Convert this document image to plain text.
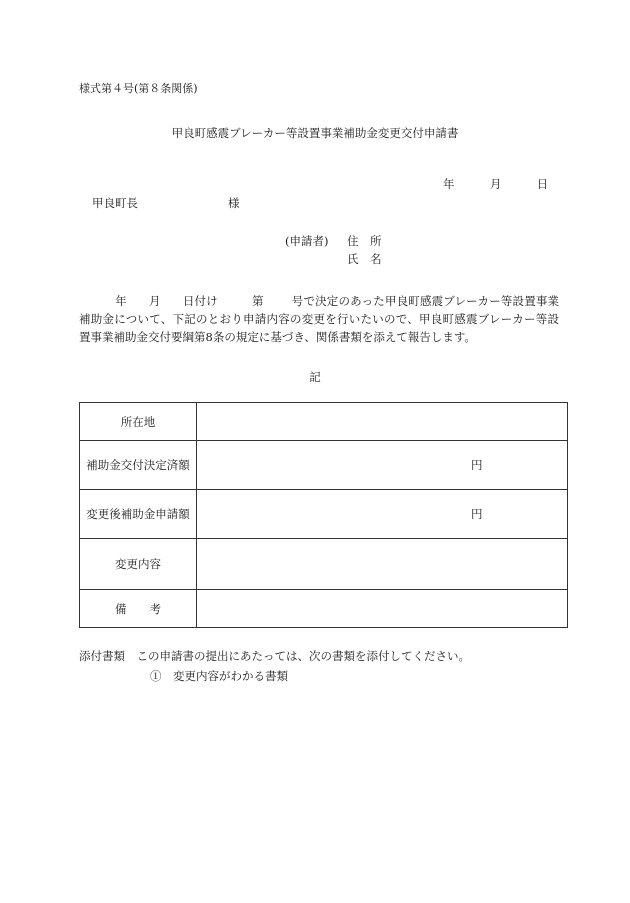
様式第４号(第８条関係)
甲良町感震ブレーカー等設置事業補助金変更交付申請書
年	月	日
甲良町長	様
(申請者) 住　所
氏　名
年 月 日付け	第 号で決定のあった甲良町感震ブレーカー等設置事業補助金について、下記のとおり申請内容の変更を行いたいので、甲良町感震ブレーカー等設置事業補助金交付要綱第8条の規定に基づき、関係書類を添えて報告します。
記
所在地	
補助金交付決定済額	円

変更後補助金申請額	円

変更内容	
備　　考	
添付書類　この申請書の提出にあたっては、次の書類を添付してください。
①　変更内容がわかる書類
